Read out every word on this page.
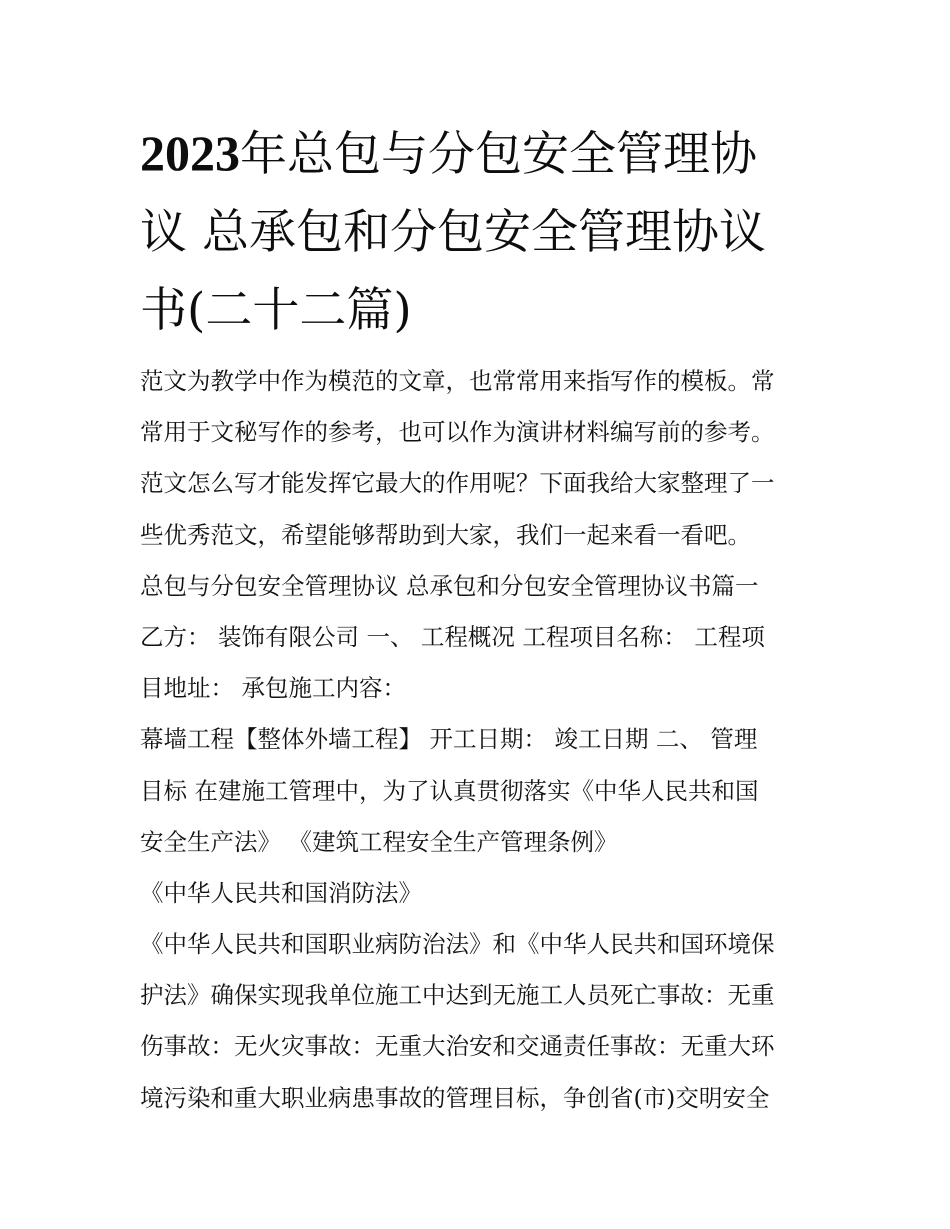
2023年总包与分包安全管理协
议 总承包和分包安全管理协议
书(二十二篇)
范文为教学中作为模范的文章，也常常用来指写作的模板。常
常用于文秘写作的参考，也可以作为演讲材料编写前的参考。
范文怎么写才能发挥它最大的作用呢？下面我给大家整理了一
些优秀范文，希望能够帮助到大家，我们一起来看一看吧。
总包与分包安全管理协议 总承包和分包安全管理协议书篇一
乙方： 装饰有限公司 一、 工程概况 工程项目名称： 工程项
目地址： 承包施工内容：
幕墙工程【整体外墙工程】 开工日期： 竣工日期 二、 管理
目标 在建施工管理中，为了认真贯彻落实《中华人民共和国
安全生产法》 《建筑工程安全生产管理条例》
《中华人民共和国消防法》
《中华人民共和国职业病防治法》和《中华人民共和国环境保
护法》确保实现我单位施工中达到无施工人员死亡事故：无重
伤事故：无火灾事故：无重大治安和交通责任事故：无重大环
境污染和重大职业病患事故的管理目标，争创省(市)交明安全
